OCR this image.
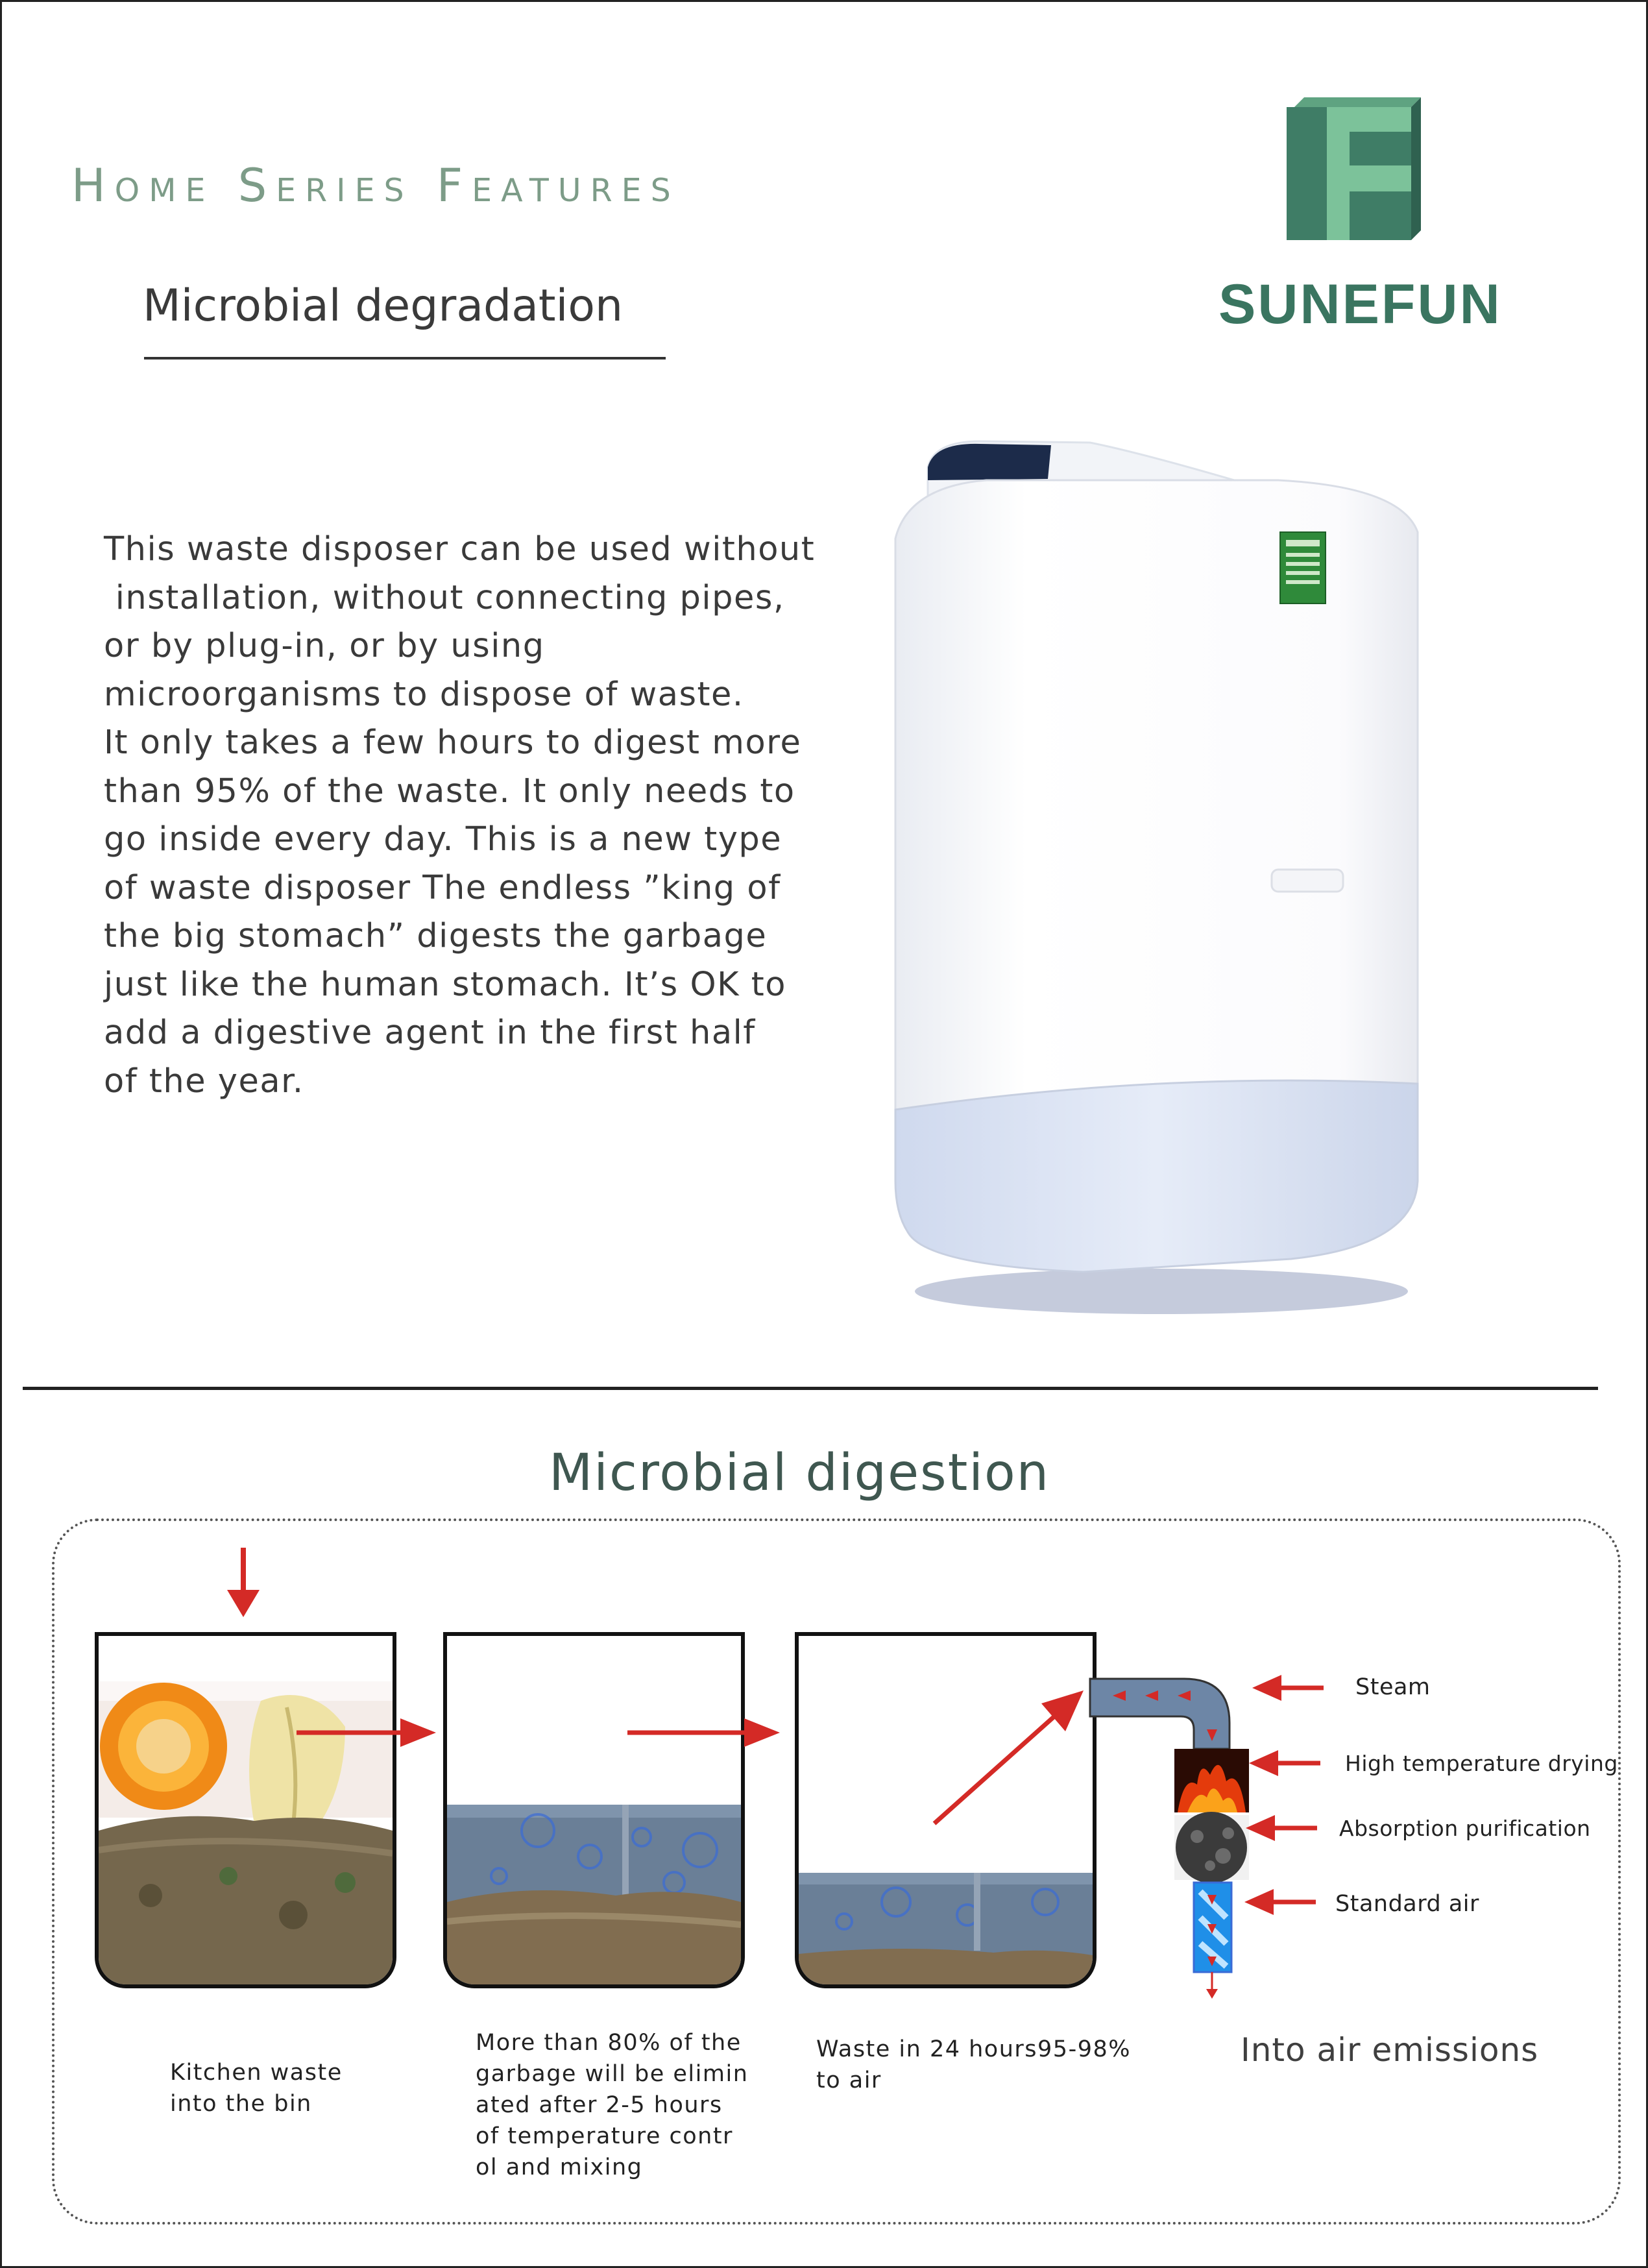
Home Series Features
Microbial degradation
F
SUNEFUN
This waste disposer can be used without
installation, without connecting pipes,
or by plug-in, or by using
microorganisms to dispose of waste.
It only takes a few hours to digest more
than 95% of the waste. It only needs to
go inside every day. This is a new type
of waste disposer The endless ”king of
the big stomach” digests the garbage
just like the human stomach. It’s OK to
add a digestive agent in the first half
of the year.
Microbial digestion
Steam
High temperature drying
Absorption purification
Standard air
Into air emissions
Kitchen waste
into the bin
More than 80% of the
garbage will be elimin
ated after 2-5 hours
of temperature contr
ol and mixing
Waste in 24 hours95-98%
to air
